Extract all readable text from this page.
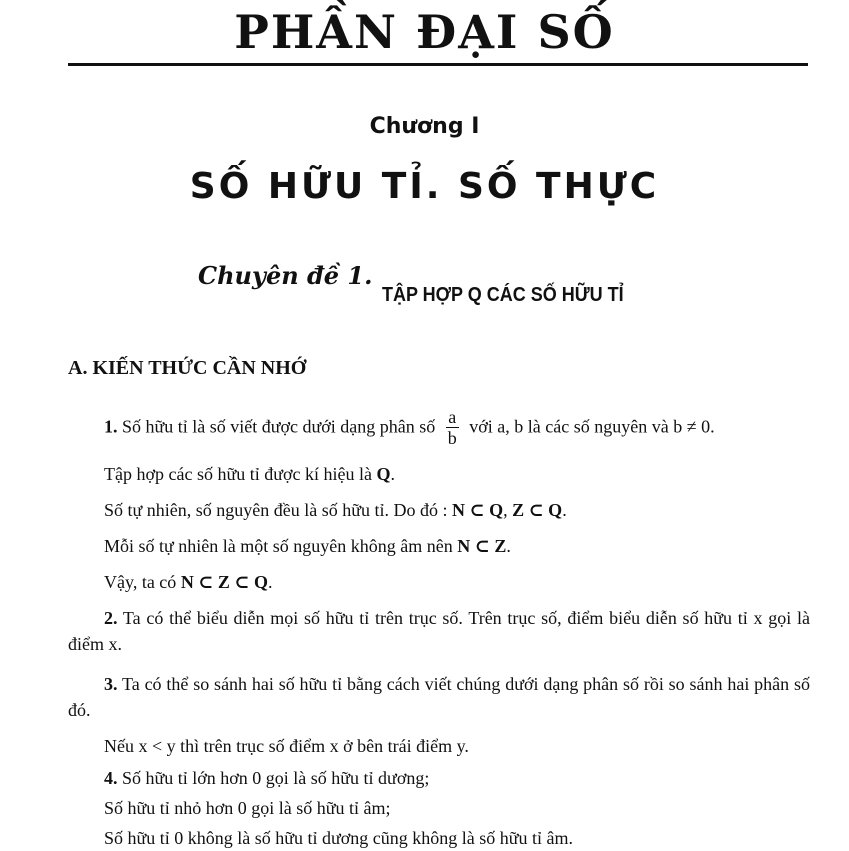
PHẦN ĐẠI SỐ
Chương I
SỐ HỮU TỈ. SỐ THỰC
Chuyên đề 1.
TẬP HỢP Q CÁC SỐ HỮU TỈ
A. KIẾN THỨC CẦN NHỚ
1. Số hữu tỉ là số viết được dưới dạng phân số $\frac{a}{b}$ với a, b là các số nguyên và b ≠ 0.
Tập hợp các số hữu tỉ được kí hiệu là Q.
Số tự nhiên, số nguyên đều là số hữu tỉ. Do đó : N ⊂ Q, Z ⊂ Q.
Mỗi số tự nhiên là một số nguyên không âm nên N ⊂ Z.
Vậy, ta có N ⊂ Z ⊂ Q.
2. Ta có thể biểu diễn mọi số hữu tỉ trên trục số. Trên trục số, điểm biểu diễn số hữu tỉ x gọi là điểm x.
3. Ta có thể so sánh hai số hữu tỉ bằng cách viết chúng dưới dạng phân số rồi so sánh hai phân số đó.
Nếu x < y thì trên trục số điểm x ở bên trái điểm y.
4. Số hữu tỉ lớn hơn 0 gọi là số hữu tỉ dương;
Số hữu tỉ nhỏ hơn 0 gọi là số hữu tỉ âm;
Số hữu tỉ 0 không là số hữu tỉ dương cũng không là số hữu tỉ âm.
